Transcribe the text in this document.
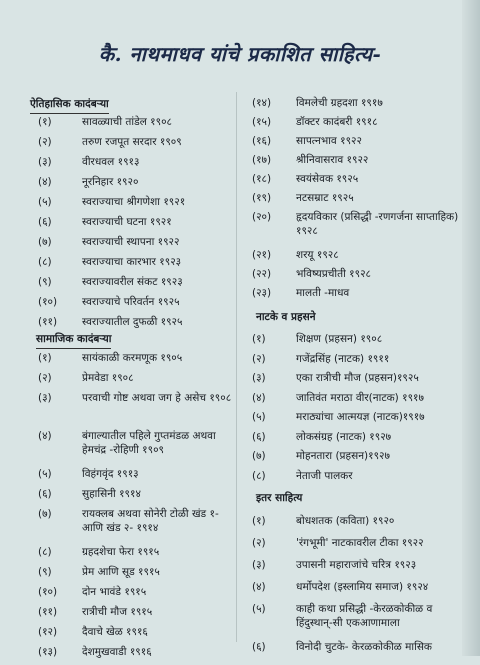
कै. नाथमाधव यांचे प्रकाशित साहित्य-
ऐतिहासिक कादंबऱ्या
(१)	सावळ्याची तांडेल १९०८
(२)	तरुण रजपूत सरदार १९०९
(३)	वीरधवल १९१३
(४)	नूरनिहार १९२०
(५)	स्वराज्याचा श्रीगणेशा १९२१
(६)	स्वराज्याची घटना १९२१
(७)	स्वराज्याची स्थापना १९२२
(८)	स्वराज्याचा कारभार १९२३
(९)	स्वराज्यावरील संकट १९२३
(१०)	स्वराज्याचे परिवर्तन १९२५
(११)	स्वराज्यातील दुफळी १९२५
सामाजिक कादंबऱ्या
(१)	सायंकाळी करमणूक १९०५
(२)	प्रेमवेडा १९०८
(३)	परवाची गोष्ट अथवा जग हे असेच १९०८
(४)	बंगाल्यातील पहिले गुप्तमंडळ अथवा हेमचंद्र -रोहिणी १९०९
(५)	विहंगवृंद १९१३
(६)	सुहासिनी १९१४
(७)	रायक्लब अथवा सोनेरी टोळी खंड १- आणि खंड २- १९१४
(८)	ग्रहदशेचा फेरा १९१५
(९)	प्रेम आणि सूड १९१५
(१०)	दोन भावंडे १९१५
(११)	रात्रीची मौज १९१५
(१२)	दैवाचे खेळ १९१६
(१३)	देशमुखवाडी १९१६
(१४)	विमलेची ग्रहदशा १९१७
(१५)	डॉक्टर कादंबरी १९१८
(१६)	सापत्नभाव १९२२
(१७)	श्रीनिवासराव १९२२
(१८)	स्वयंसेवक १९२५
(१९)	नटसम्राट १९२५
(२०)	हृदयविकार (प्रसिद्धी -रणगर्जना साप्ताहिक) १९२८
(२१)	शरयू १९२८
(२२)	भविष्यप्रचीती १९२८
(२३)	मालती -माधव
नाटके व प्रहसने
(१)	शिक्षण (प्रहसन) १९०८
(२)	गजेंद्रसिंह (नाटक) १९११
(३)	एका रात्रीची मौज (प्रहसन)१९२५
(४)	जातिवंत मराठा वीर(नाटक) १९१७
(५)	मराठ्यांचा आत्मयज्ञ (नाटक)१९१७
(६)	लोकसंग्रह (नाटक) १९२७
(७)	मोहनतारा (प्रहसन)१९२७
(८)	नेताजी पालकर
इतर साहित्य
(१)	बोधशतक (कविता) १९२०
(२)	'रंगभूमी' नाटकावरील टीका १९२२
(३)	उपासनी महाराजांचे चरित्र १९२३
(४)	धर्मोपदेश (इस्लामिय समाज) १९२४
(५)	काही कथा प्रसिद्धी -केरळकोकीळ व हिंदुस्थान्-सी एकआणामाला
(६)	विनोदी चुटके- केरळकोकीळ मासिक
